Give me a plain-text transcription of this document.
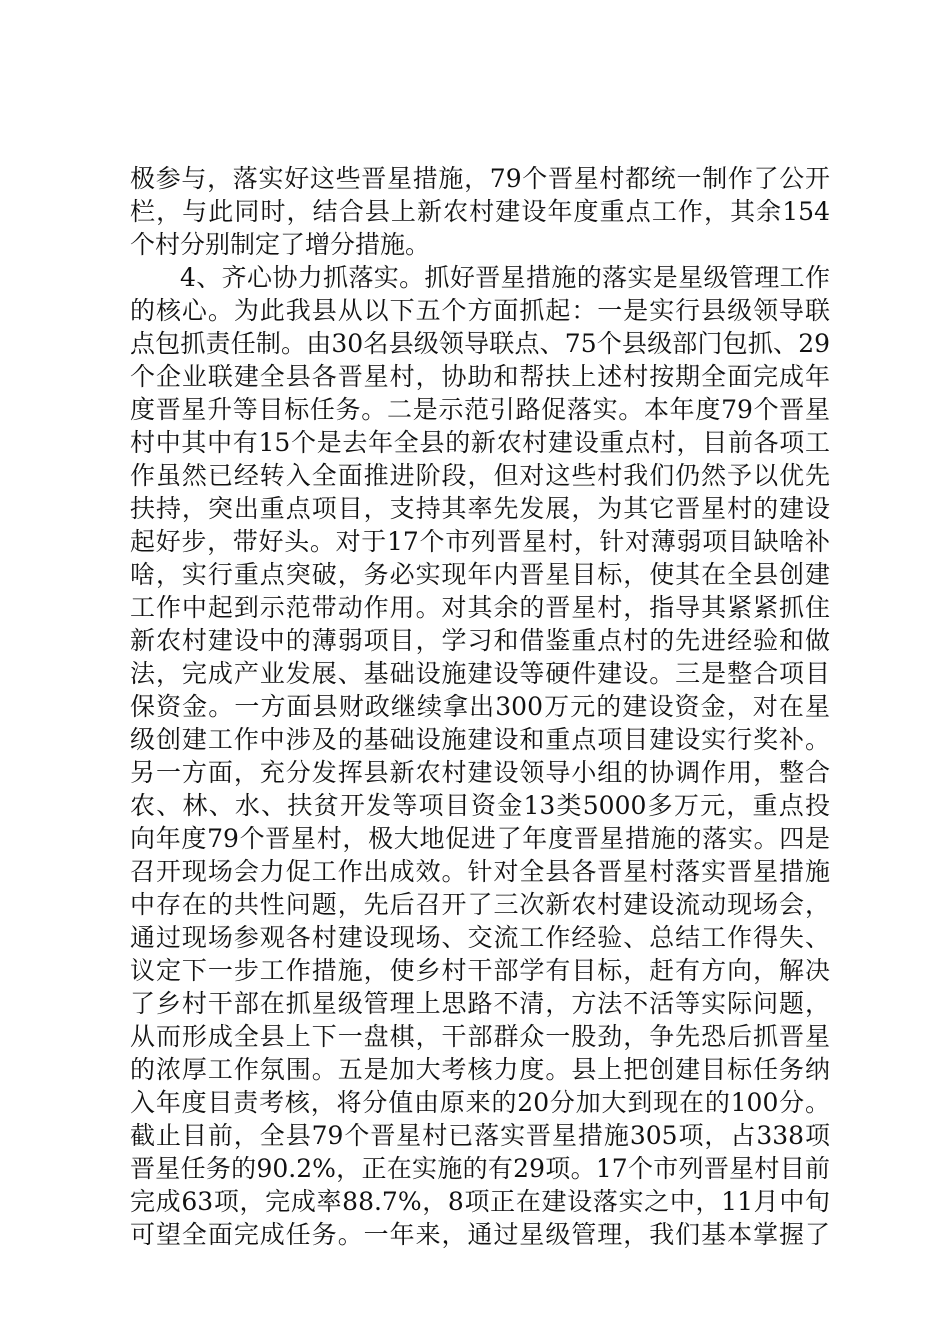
极参与，落实好这些晋星措施，79个晋星村都统一制作了公开
栏，与此同时，结合县上新农村建设年度重点工作，其余154
个村分别制定了增分措施。
4、齐心协力抓落实。抓好晋星措施的落实是星级管理工作
的核心。为此我县从以下五个方面抓起：一是实行县级领导联
点包抓责任制。由30名县级领导联点、75个县级部门包抓、29
个企业联建全县各晋星村，协助和帮扶上述村按期全面完成年
度晋星升等目标任务。二是示范引路促落实。本年度79个晋星
村中其中有15个是去年全县的新农村建设重点村，目前各项工
作虽然已经转入全面推进阶段，但对这些村我们仍然予以优先
扶持，突出重点项目，支持其率先发展，为其它晋星村的建设
起好步，带好头。对于17个市列晋星村，针对薄弱项目缺啥补
啥，实行重点突破，务必实现年内晋星目标，使其在全县创建
工作中起到示范带动作用。对其余的晋星村，指导其紧紧抓住
新农村建设中的薄弱项目，学习和借鉴重点村的先进经验和做
法，完成产业发展、基础设施建设等硬件建设。三是整合项目
保资金。一方面县财政继续拿出300万元的建设资金，对在星
级创建工作中涉及的基础设施建设和重点项目建设实行奖补。
另一方面，充分发挥县新农村建设领导小组的协调作用，整合
农、林、水、扶贫开发等项目资金13类5000多万元，重点投
向年度79个晋星村，极大地促进了年度晋星措施的落实。四是
召开现场会力促工作出成效。针对全县各晋星村落实晋星措施
中存在的共性问题，先后召开了三次新农村建设流动现场会，
通过现场参观各村建设现场、交流工作经验、总结工作得失、
议定下一步工作措施，使乡村干部学有目标，赶有方向，解决
了乡村干部在抓星级管理上思路不清，方法不活等实际问题，
从而形成全县上下一盘棋，干部群众一股劲，争先恐后抓晋星
的浓厚工作氛围。五是加大考核力度。县上把创建目标任务纳
入年度目责考核，将分值由原来的20分加大到现在的100分。
截止目前，全县79个晋星村已落实晋星措施305项，占338项
晋星任务的90.2%，正在实施的有29项。17个市列晋星村目前
完成63项，完成率88.7%，8项正在建设落实之中，11月中旬
可望全面完成任务。一年来，通过星级管理，我们基本掌握了
